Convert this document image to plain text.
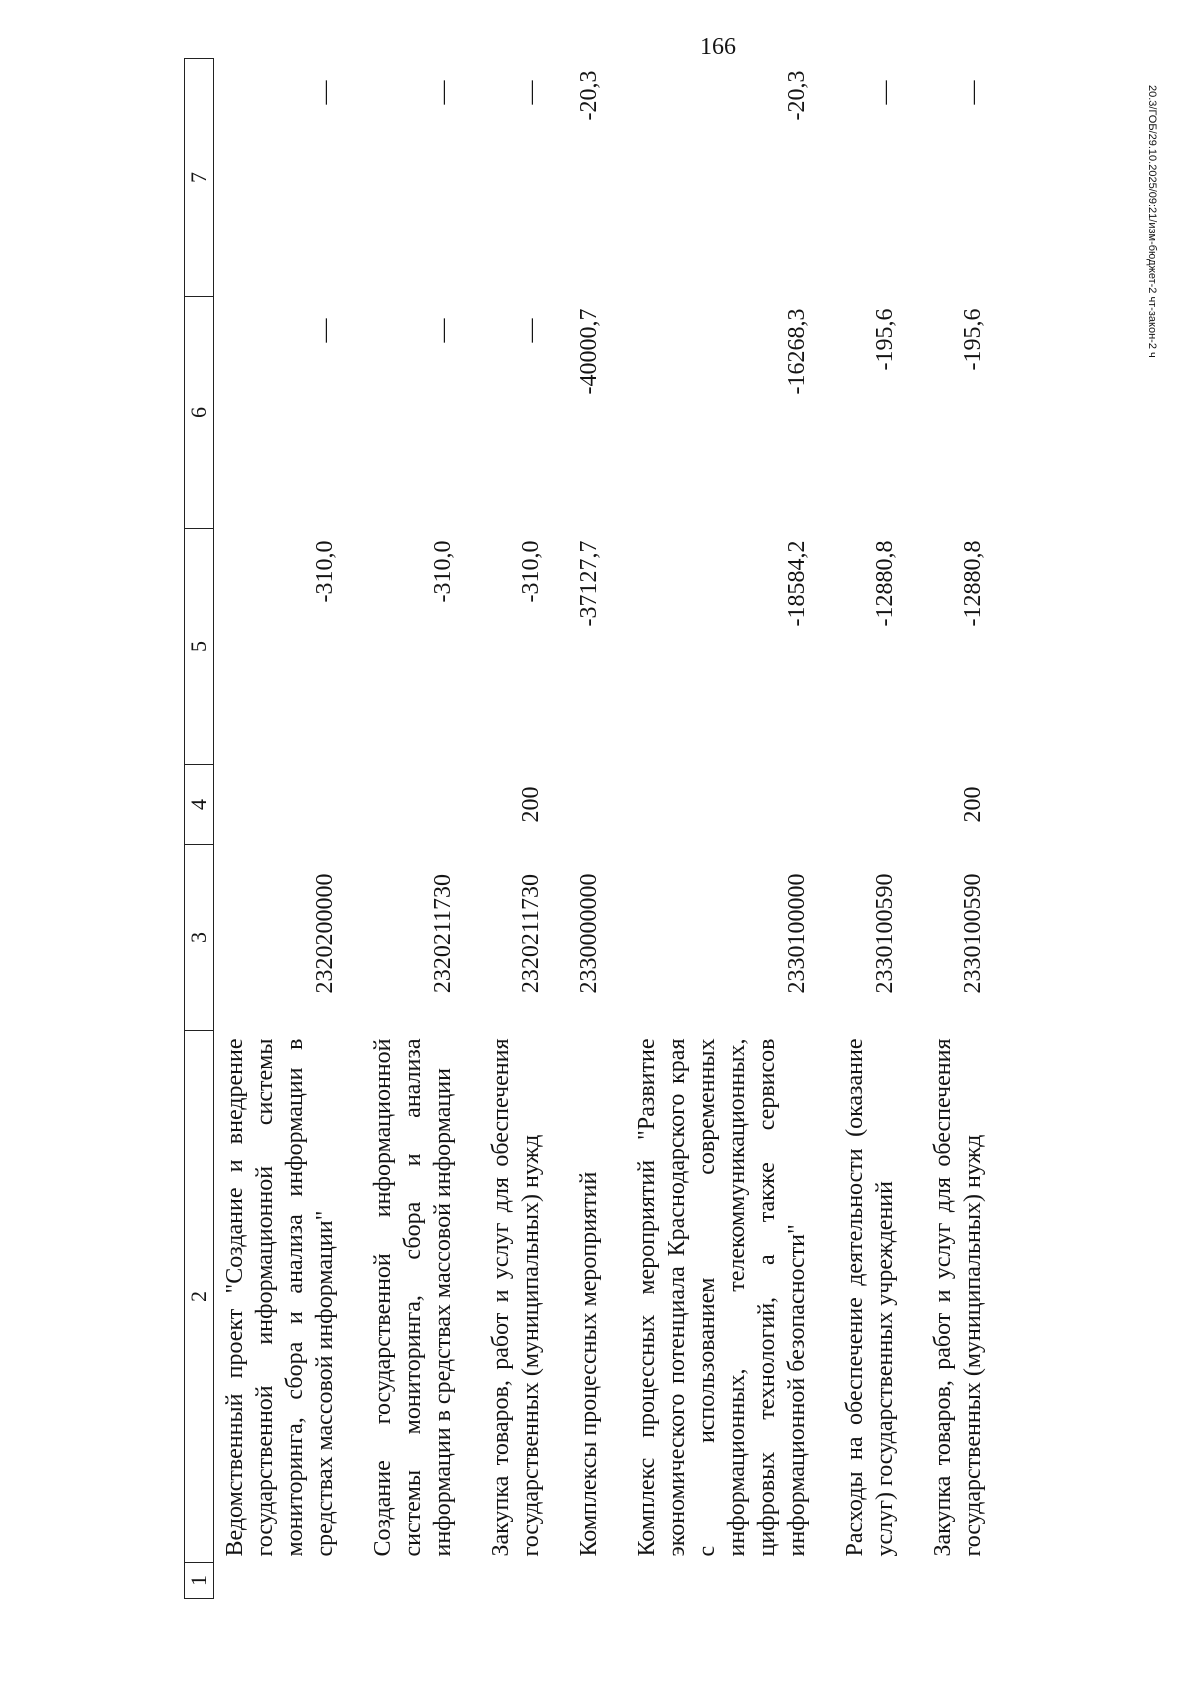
166
20.3/ГОБ/29.10.2025/09:21/изм-бюджет-2 чт-закон-2 ч
1	2	3	4	5	6	7
	Ведомственный проект "Создание и внедрение государственной информационной системы мониторинга, сбора и анализа информации в средствах массовой информации"	2320200000		-310,0	—	—
	Создание государственной информационной системы мониторинга, сбора и анализа информации в средствах массовой информации	2320211730		-310,0	—	—
	Закупка товаров, работ и услуг для обеспечения государственных (муниципальных) нужд	2320211730	200	-310,0	—	—
	Комплексы процессных мероприятий	2330000000		-37127,7	-40000,7	-20,3
	Комплекс процессных мероприятий "Развитие экономического потенциала Краснодарского края с использованием современных информационных, телекоммуникационных, цифровых технологий, а также сервисов информационной безопасности"	2330100000		-18584,2	-16268,3	-20,3
	Расходы на обеспечение деятельности (оказание услуг) государственных учреждений	2330100590		-12880,8	-195,6	—
	Закупка товаров, работ и услуг для обеспечения государственных (муниципальных) нужд	2330100590	200	-12880,8	-195,6	—
